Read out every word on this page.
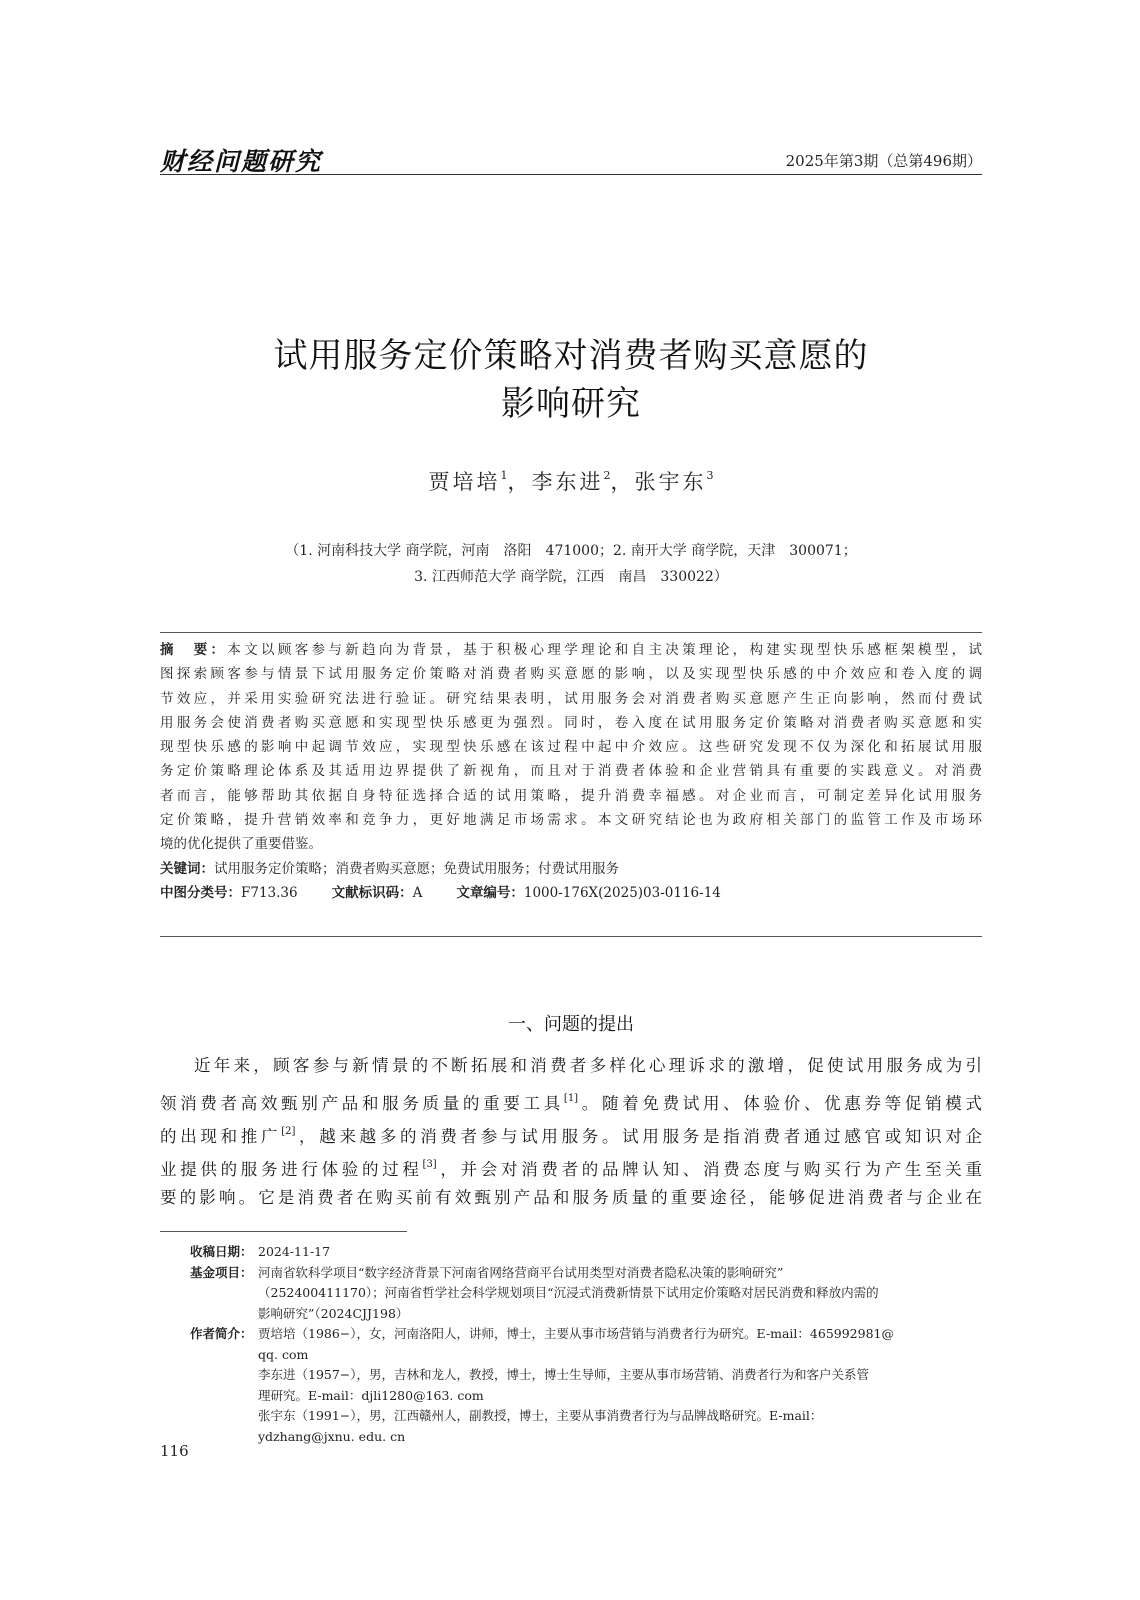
财经问题研究	2025年第3期（总第496期）
试用服务定价策略对消费者购买意愿的
影响研究
贾培培$^1$，李东进$^2$，张宇东$^3$
（1. 河南科技大学 商学院，河南　洛阳　471000；2. 南开大学 商学院，天津　300071；
3. 江西师范大学 商学院，江西　南昌　330022）
摘　要：本文以顾客参与新趋向为背景，基于积极心理学理论和自主决策理论，构建实现型快乐感框架模型，试
图探索顾客参与情景下试用服务定价策略对消费者购买意愿的影响，以及实现型快乐感的中介效应和卷入度的调
节效应，并采用实验研究法进行验证。研究结果表明，试用服务会对消费者购买意愿产生正向影响，然而付费试
用服务会使消费者购买意愿和实现型快乐感更为强烈。同时，卷入度在试用服务定价策略对消费者购买意愿和实
现型快乐感的影响中起调节效应，实现型快乐感在该过程中起中介效应。这些研究发现不仅为深化和拓展试用服
务定价策略理论体系及其适用边界提供了新视角，而且对于消费者体验和企业营销具有重要的实践意义。对消费
者而言，能够帮助其依据自身特征选择合适的试用策略，提升消费幸福感。对企业而言，可制定差异化试用服务
定价策略，提升营销效率和竞争力，更好地满足市场需求。本文研究结论也为政府相关部门的监管工作及市场环
境的优化提供了重要借鉴。
关键词：试用服务定价策略；消费者购买意愿；免费试用服务；付费试用服务
中图分类号：F713.36	文献标识码：A	文章编号：1000-176X(2025)03-0116-14
一、问题的提出
近年来，顾客参与新情景的不断拓展和消费者多样化心理诉求的激增，促使试用服务成为引
领消费者高效甄别产品和服务质量的重要工具[1]。随着免费试用、体验价、优惠券等促销模式
的出现和推广[2]，越来越多的消费者参与试用服务。试用服务是指消费者通过感官或知识对企
业提供的服务进行体验的过程[3]，并会对消费者的品牌认知、消费态度与购买行为产生至关重
要的影响。它是消费者在购买前有效甄别产品和服务质量的重要途径，能够促进消费者与企业在
收稿日期： 2024-11-17
基金项目： 河南省软科学项目“数字经济背景下河南省网络营商平台试用类型对消费者隐私决策的影响研究”
（252400411170）；河南省哲学社会科学规划项目“沉浸式消费新情景下试用定价策略对居民消费和释放内需的
影响研究”（2024CJJ198）
作者简介： 贾培培（1986−），女，河南洛阳人，讲师，博士，主要从事市场营销与消费者行为研究。E-mail：465992981@
qq. com
李东进（1957−），男，吉林和龙人，教授，博士，博士生导师，主要从事市场营销、消费者行为和客户关系管
理研究。E-mail：djli1280@163. com
张宇东（1991−），男，江西赣州人，副教授，博士，主要从事消费者行为与品牌战略研究。E-mail：
ydzhang@jxnu. edu. cn
116
